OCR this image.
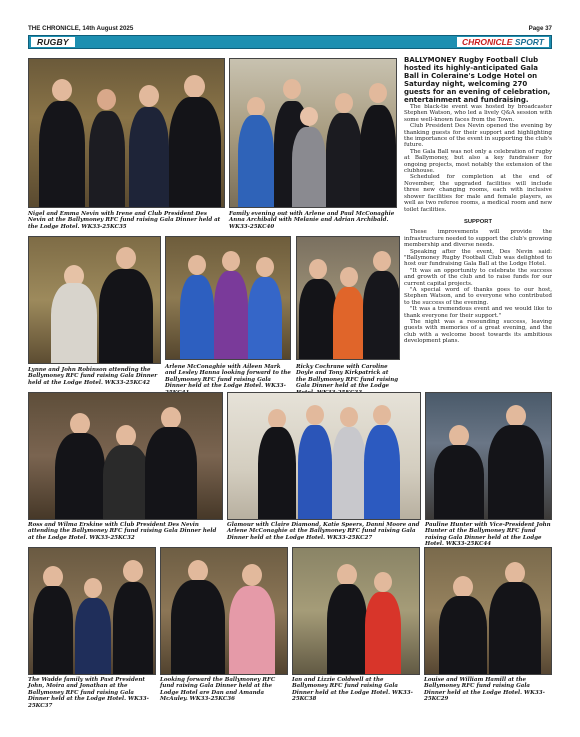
THE CHRONICLE, 14th August 2025	Page 37
RUGBY	CHRONICLE SPORT
Nigel and Emma Nevin with Irene and Club President Des Nevin at the Ballymoney RFC fund raising Gala Dinner held at the Lodge Hotel. WK33-25KC35
Family evening out with Arlene and Paul McConaghie Anna Archibald with Melanie and Adrian Archibald. WK33-25KC40

BALLYMONEY Rugby Football Club hosted its highly-anticipated Gala Ball in Coleraine's Lodge Hotel on Saturday night, welcoming 270 guests for an evening of celebration, entertainment and fundraising.

The black-tie event was hosted by broadcaster Stephen Watson, who led a lively Q&A session with some well-known faces from the Town.

Club President Des Nevin opened the evening by thanking guests for their support and highlighting the importance of the event in supporting the club's future.

The Gala Ball was not only a celebration of rugby at Ballymoney, but also a key fundraiser for ongoing projects, most notably the extension of the clubhouse.

Scheduled for completion at the end of November, the upgraded facilities will include three new changing rooms, each with inclusive shower facilities for male and female players, as well as two referee rooms, a medical room and new toilet facilities.

SUPPORT

These improvements will provide the infrastructure needed to support the club's growing membership and diverse needs.

Speaking after the event, Des Nevin said: "Ballymoney Rugby Football Club was delighted to host our fundraising Gala Ball at the Lodge Hotel.

"It was an opportunity to celebrate the success and growth of the club and to raise funds for our current capital projects.

"A special word of thanks goes to our host, Stephen Watson, and to everyone who contributed to the success of the evening.

"It was a tremendous event and we would like to thank everyone for their support."

The night was a resounding success, leaving guests with memories of a great evening, and the club with a welcome boost towards its ambitious development plans.

Lynne and John Robinson attending the Ballymoney RFC fund raising Gala Dinner held at the Lodge Hotel. WK33-25KC42
Arlene McConaghie with Aileen Mark and Lesley Hanna looking forward to the Ballymoney RFC fund raising Gala Dinner held at the Lodge Hotel. WK33-
Ricky Cochrane with Caroline Doyle and Tony Kirkpatrick at the Ballymoney RFC fund raising Gala Dinner held at the Lodge
Ross and Wilma Erskine with Club President Des Nevin attending the Ballymoney RFC fund raising Gala Dinner held at the Lodge Hotel. WK33-25KC32
Glamour with Claire Diamond, Katie Speers, Danni Moore and Arlene McConaghie at the Ballymoney RFC fund raising Gala Dinner held at the Lodge Hotel. WK33-25KC27
Pauline Hunter with Vice-President John Hunter at the Ballymoney RFC fund raising Gala Dinner held at the Lodge Hotel. WK33-25KC44
The Wadde family with Past President John, Moira and Jonathan at the Ballymoney RFC fund raising Gala Dinner held at the Lodge Hotel. WK33-25KC37
Looking forward the Ballymoney RFC fund raising Gala Dinner held at the Lodge Hotel are Dan and Amanda McAuley. WK33-25KC36
Ian and Lizzie Coldwell at the Ballymoney RFC fund raising Gala Dinner held at the Lodge Hotel. WK33-25KC38
Louise and William Hamill at the Ballymoney RFC fund raising Gala Dinner held at the Lodge Hotel. WK33-25KC29
